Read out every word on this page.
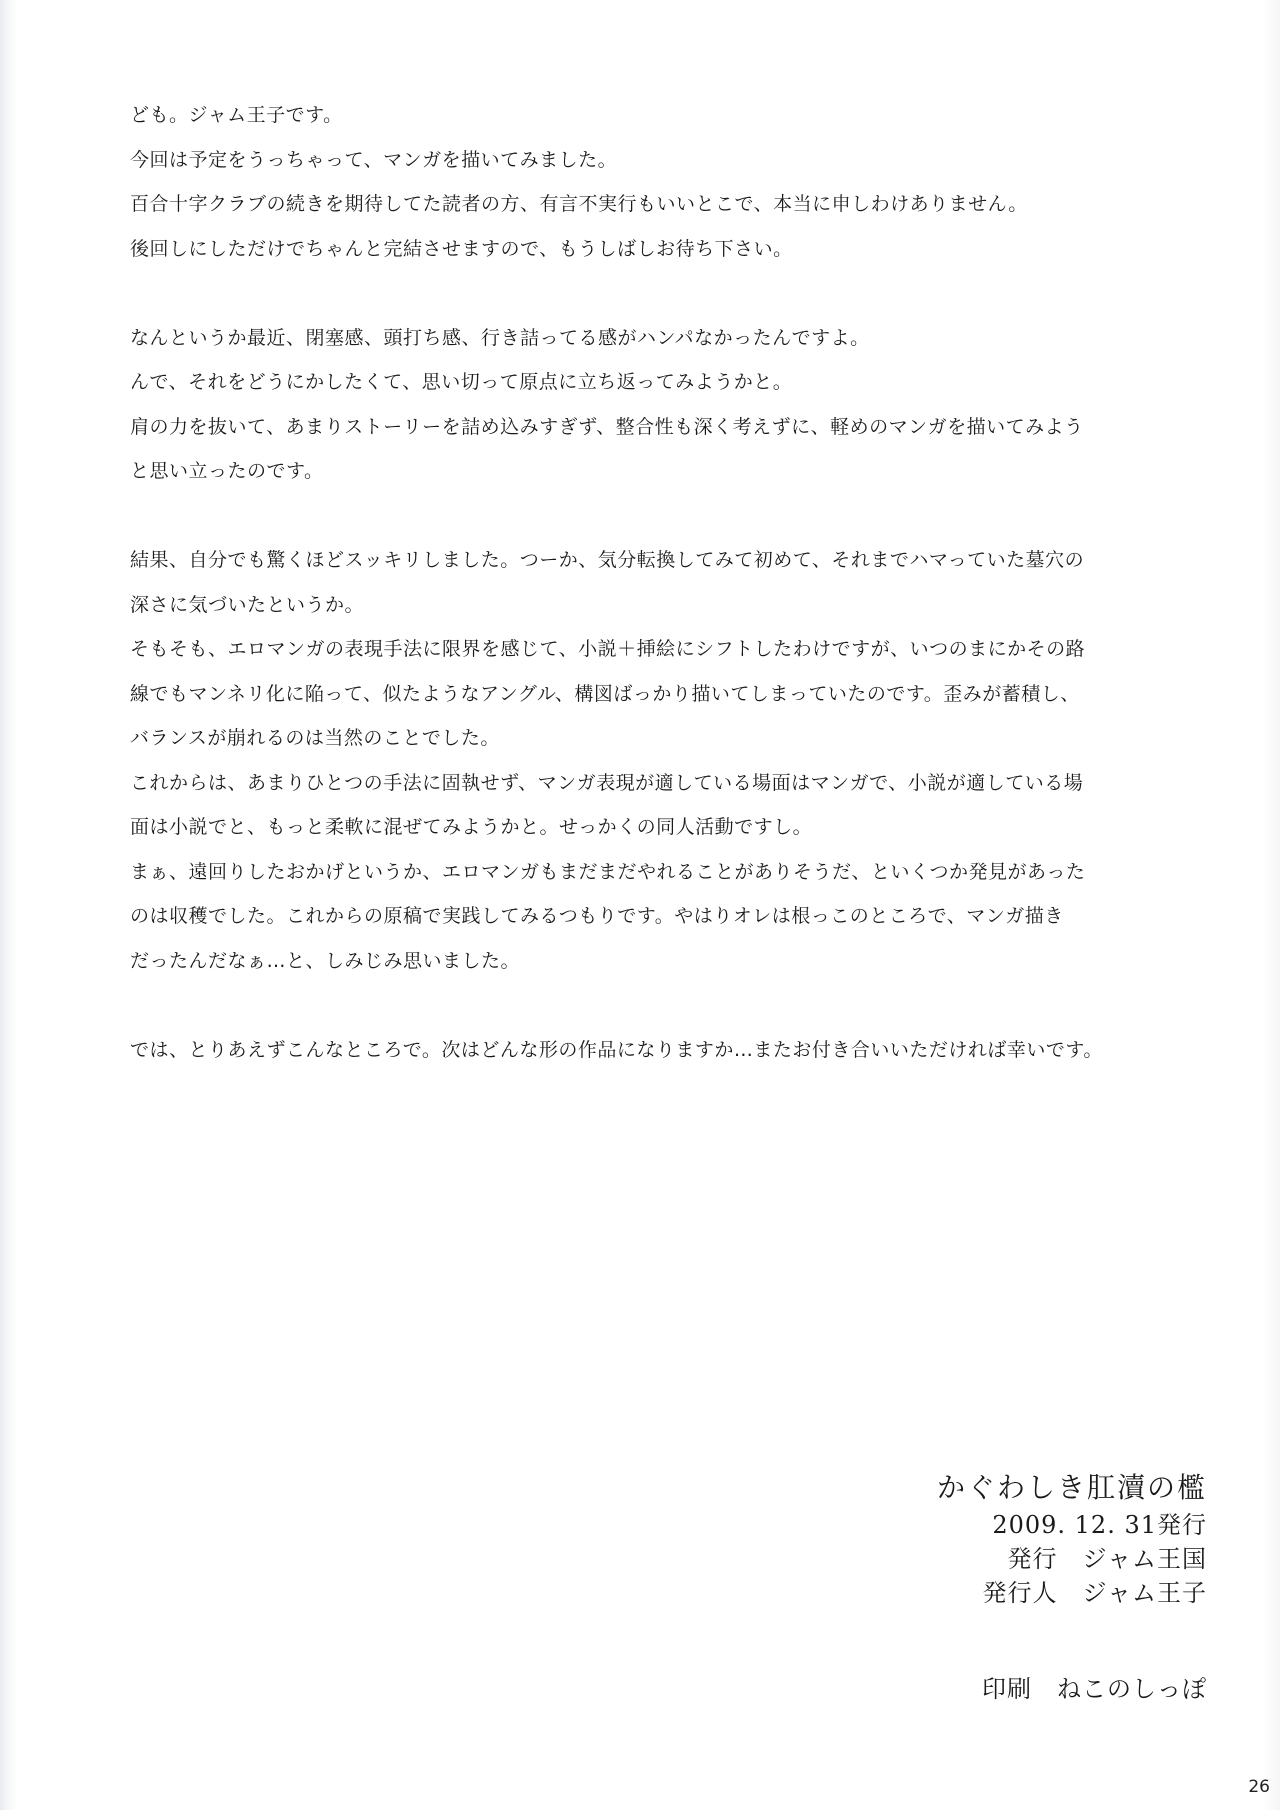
ども。ジャム王子です。
今回は予定をうっちゃって、マンガを描いてみました。
百合十字クラブの続きを期待してた読者の方、有言不実行もいいとこで、本当に申しわけありません。
後回しにしただけでちゃんと完結させますので、もうしばしお待ち下さい。
なんというか最近、閉塞感、頭打ち感、行き詰ってる感がハンパなかったんですよ。
んで、それをどうにかしたくて、思い切って原点に立ち返ってみようかと。
肩の力を抜いて、あまりストーリーを詰め込みすぎず、整合性も深く考えずに、軽めのマンガを描いてみよう
と思い立ったのです。
結果、自分でも驚くほどスッキリしました。つーか、気分転換してみて初めて、それまでハマっていた墓穴の
深さに気づいたというか。
そもそも、エロマンガの表現手法に限界を感じて、小説＋挿絵にシフトしたわけですが、いつのまにかその路
線でもマンネリ化に陥って、似たようなアングル、構図ばっかり描いてしまっていたのです。歪みが蓄積し、
バランスが崩れるのは当然のことでした。
これからは、あまりひとつの手法に固執せず、マンガ表現が適している場面はマンガで、小説が適している場
面は小説でと、もっと柔軟に混ぜてみようかと。せっかくの同人活動ですし。
まぁ、遠回りしたおかげというか、エロマンガもまだまだやれることがありそうだ、といくつか発見があった
のは収穫でした。これからの原稿で実践してみるつもりです。やはりオレは根っこのところで、マンガ描き
だったんだなぁ…と、しみじみ思いました。
では、とりあえずこんなところで。次はどんな形の作品になりますか…またお付き合いいただければ幸いです。
かぐわしき肛瀆の檻
2009. 12. 31発行
発行　ジャム王国
発行人　ジャム王子
印刷　ねこのしっぽ
26
